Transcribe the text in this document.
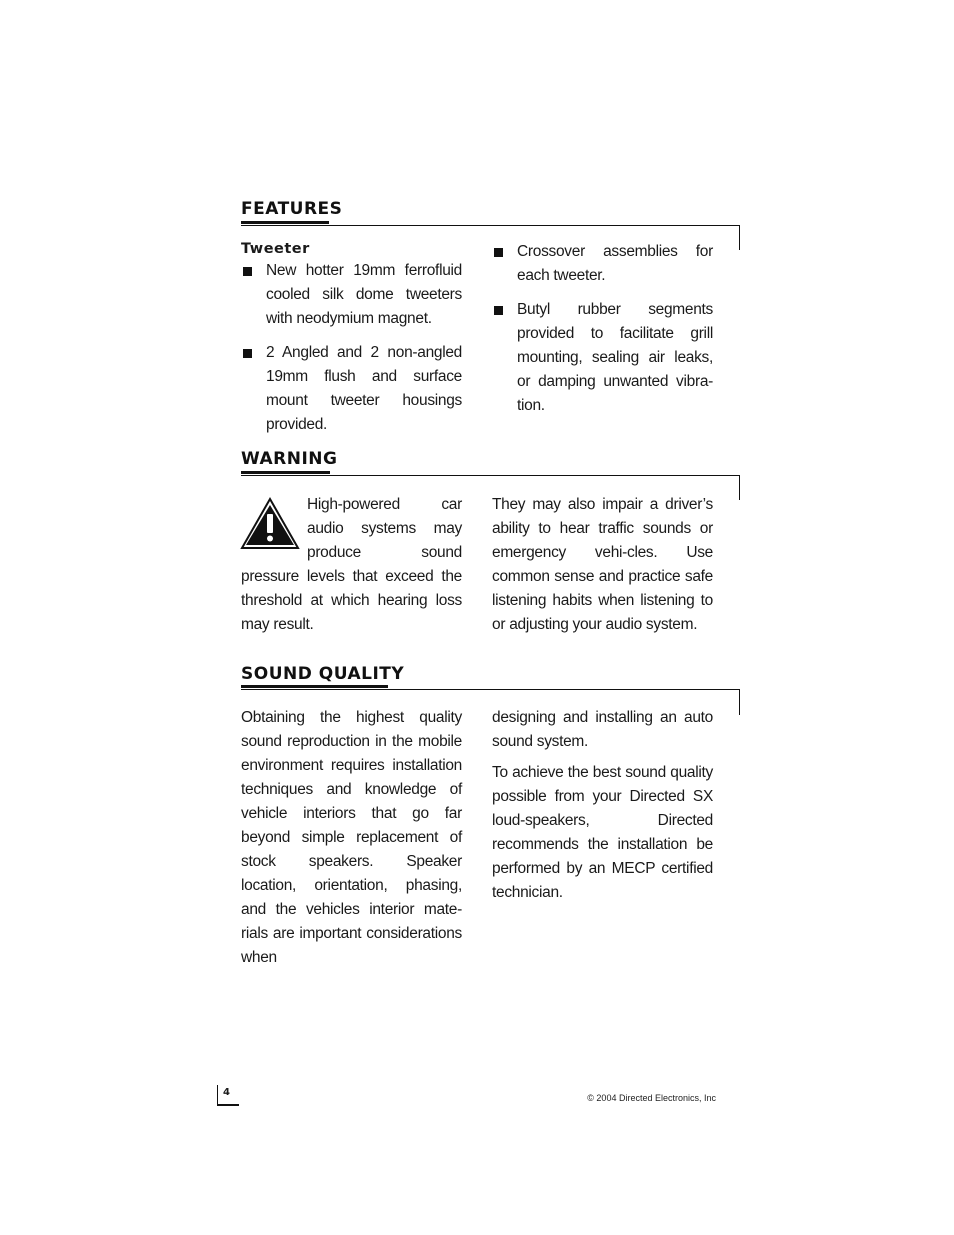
FEATURES
Tweeter

New hotter 19mm ferrofluid cooled silk dome tweeters with neodymium magnet.

2 Angled and 2 non-angled 19mm flush and surface mount tweeter housings provided.

Crossover assemblies for each tweeter.

Butyl rubber segments provided to facilitate grill mounting, sealing air leaks, or damping unwanted vibra-tion.

WARNING

High-powered car audio systems may produce sound pressure levels that exceed the threshold at which hearing loss may result.

They may also impair a driver’s ability to hear traffic sounds or emergency vehi-cles. Use common sense and practice safe listening habits when listening to or adjusting your audio system.

SOUND QUALITY

Obtaining the highest quality sound reproduction in the mobile environment requires installation techniques and knowledge of vehicle interiors that go far beyond simple replacement of stock speakers. Speaker location, orientation, phasing, and the vehicles interior mate-rials are important considerations when

designing and installing an auto sound system.

To achieve the best sound quality possible from your Directed SX loud-speakers, Directed recommends the installation be performed by an MECP certified technician.

4	© 2004 Directed Electronics, Inc
